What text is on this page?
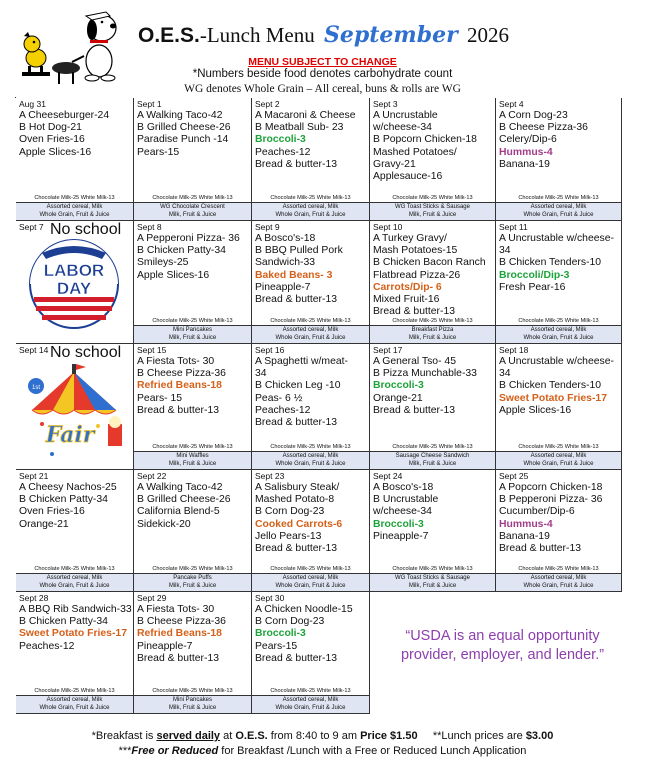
O.E.S.-Lunch Menu September 2026
MENU SUBJECT TO CHANGE
*Numbers beside food denotes carbohydrate count
WG denotes Whole Grain – All cereal, buns & rolls are WG
Aug 31
A Cheeseburger-24
B Hot Dog-21
Oven Fries-16
Apple Slices-16
Chocolate Milk-25 White Milk-13
Assorted cereal, Milk
Whole Grain, Fruit & Juice
Sept 1
A Walking Taco-42
B Grilled Cheese-26
Paradise Punch -14
Pears-15
Chocolate Milk-25 White Milk-13
WG Chocolate Crescent
Milk, Fruit & Juice
Sept 2
A Macaroni & Cheese
B Meatball Sub- 23
Broccoli-3
Peaches-12
Bread & butter-13
Chocolate Milk-25 White Milk-13
Assorted cereal, Milk
Whole Grain, Fruit & Juice
Sept 3
A Uncrustable
w/cheese-34
B Popcorn Chicken-18
Mashed Potatoes/
Gravy-21
Applesauce-16
Chocolate Milk-25 White Milk-13
WG Toast Sticks & Sausage
Milk, Fruit & Juice
Sept 4
A Corn Dog-23
B Cheese Pizza-36
Celery/Dip-6
Hummus-4
Banana-19
Chocolate Milk-25 White Milk-13
Assorted cereal, Milk
Whole Grain, Fruit & Juice
Sept 7 No school
LABOR
DAY
Sept 8
A Pepperoni Pizza- 36
B Chicken Patty-34
Smileys-25
Apple Slices-16
Chocolate Milk-25 White Milk-13
Mini Pancakes
Milk, Fruit & Juice
Sept 9
A Bosco's-18
B BBQ Pulled Pork
Sandwich-33
Baked Beans- 3
Pineapple-7
Bread & butter-13
Chocolate Milk-25 White Milk-13
Assorted cereal, Milk
Whole Grain, Fruit & Juice
Sept 10
A Turkey Gravy/
Mash Potatoes-15
B Chicken Bacon Ranch
Flatbread Pizza-26
Carrots/Dip- 6
Mixed Fruit-16
Bread & butter-13
Chocolate Milk-25 White Milk-13
Breakfast Pizza
Milk, Fruit & Juice
Sept 11
A Uncrustable w/cheese-
34
B Chicken Tenders-10
Broccoli/Dip-3
Fresh Pear-16
Chocolate Milk-25 White Milk-13
Assorted cereal, Milk
Whole Grain, Fruit & Juice
Sept 14 No school
1st
Fair
Sept 15
A Fiesta Tots- 30
B Cheese Pizza-36
Refried Beans-18
Pears- 15
Bread & butter-13
Chocolate Milk-25 White Milk-13
Mini Waffles
Milk, Fruit & Juice
Sept 16
A Spaghetti w/meat-
34
B Chicken Leg -10
Peas- 6 ½
Peaches-12
Bread & butter-13
Chocolate Milk-25 White Milk-13
Assorted cereal, Milk
Whole Grain, Fruit & Juice
Sept 17
A General Tso- 45
B Pizza Munchable-33
Broccoli-3
Orange-21
Bread & butter-13
Chocolate Milk-25 White Milk-13
Sausage Cheese Sandwich
Milk, Fruit & Juice
Sept 18
A Uncrustable w/cheese-
34
B Chicken Tenders-10
Sweet Potato Fries-17
Apple Slices-16
Chocolate Milk-25 White Milk-13
Assorted cereal, Milk
Whole Grain, Fruit & Juice
Sept 21
A Cheesy Nachos-25
B Chicken Patty-34
Oven Fries-16
Orange-21
Chocolate Milk-25 White Milk-13
Assorted cereal, Milk
Whole Grain, Fruit & Juice
Sept 22
A Walking Taco-42
B Grilled Cheese-26
California Blend-5
Sidekick-20
Chocolate Milk-25 White Milk-13
Pancake Puffs
Milk, Fruit & Juice
Sept 23
A Salisbury Steak/
Mashed Potato-8
B Corn Dog-23
Cooked Carrots-6
Jello Pears-13
Bread & butter-13
Chocolate Milk-25 White Milk-13
Assorted cereal, Milk
Whole Grain, Fruit & Juice
Sept 24
A Bosco's-18
B Uncrustable
w/cheese-34
Broccoli-3
Pineapple-7
Chocolate Milk-25 White Milk-13
WG Toast Sticks & Sausage
Milk, Fruit & Juice
Sept 25
A Popcorn Chicken-18
B Pepperoni Pizza- 36
Cucumber/Dip-6
Hummus-4
Banana-19
Bread & butter-13
Chocolate Milk-25 White Milk-13
Assorted cereal, Milk
Whole Grain, Fruit & Juice
Sept 28
A BBQ Rib Sandwich-33
B Chicken Patty-34
Sweet Potato Fries-17
Peaches-12
Chocolate Milk-25 White Milk-13
Assorted cereal, Milk
Whole Grain, Fruit & Juice
Sept 29
A Fiesta Tots- 30
B Cheese Pizza-36
Refried Beans-18
Pineapple-7
Bread & butter-13
Chocolate Milk-25 White Milk-13
Mini Pancakes
Milk, Fruit & Juice
Sept 30
A Chicken Noodle-15
B Corn Dog-23
Broccoli-3
Pears-15
Bread & butter-13
Chocolate Milk-25 White Milk-13
Assorted cereal, Milk
Whole Grain, Fruit & Juice
“USDA is an equal opportunity provider, employer, and lender.”
*Breakfast is served daily at O.E.S. from 8:40 to 9 am Price $1.50     **Lunch prices are $3.00
***Free or Reduced for Breakfast /Lunch with a Free or Reduced Lunch Application
